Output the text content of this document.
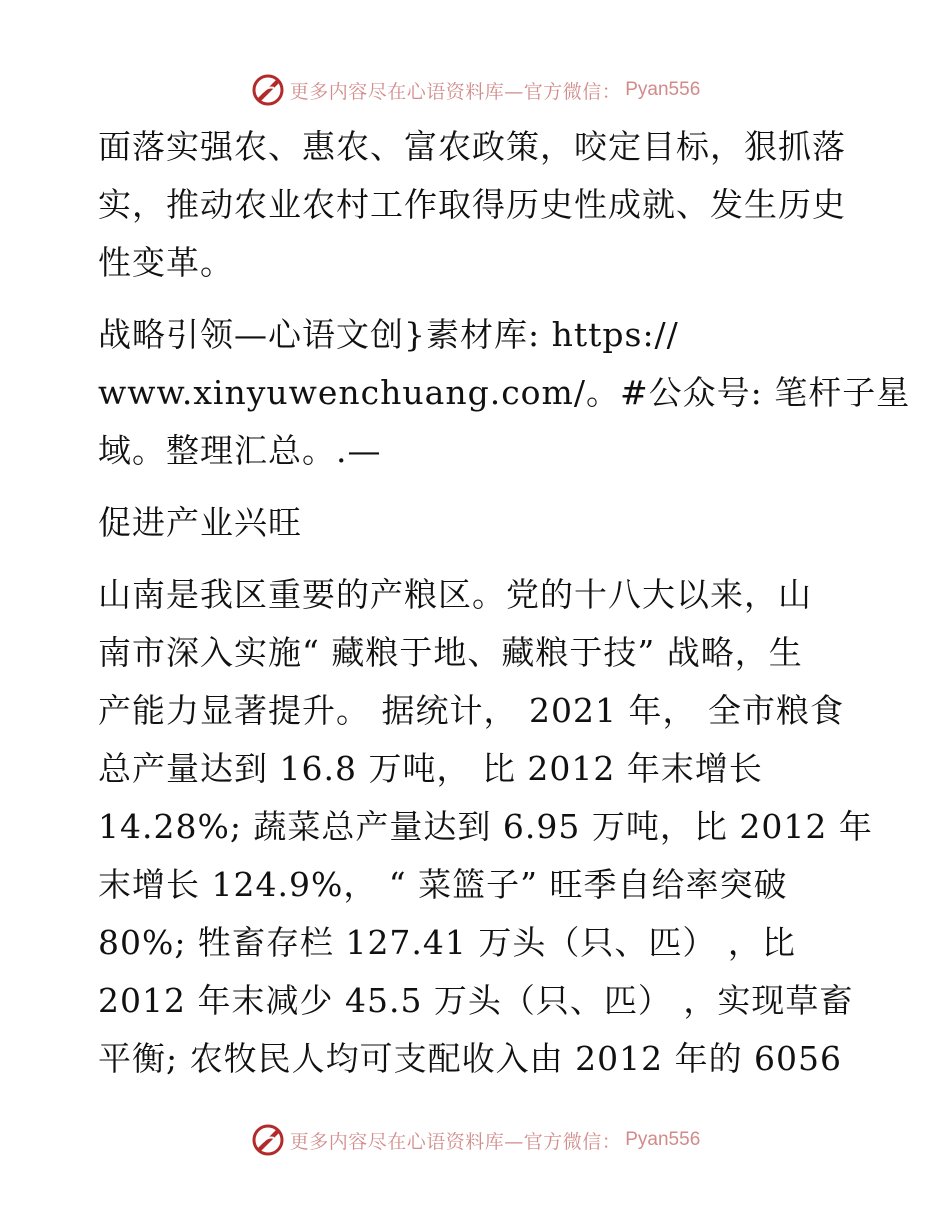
更多内容尽在心语资料库—官方微信： Pyan556
面落实强农、惠农、富农政策，咬定目标，狠抓落
实，推动农业农村工作取得历史性成就、发生历史
性变革。
战略引领—心语文创}素材库: https://
www.xinyuwenchuang.com/。#公众号: 笔杆子星
域。整理汇总。.—
促进产业兴旺
山南是我区重要的产粮区。党的十八大以来，山
南市深入实施“ 藏粮于地、藏粮于技” 战略，生
产能力显著提升。 据统计， 2021 年， 全市粮食
总产量达到 16.8 万吨， 比 2012 年末增长
14.28%; 蔬菜总产量达到 6.95 万吨，比 2012 年
末增长 124.9%， “ 菜篮子” 旺季自给率突破
80%; 牲畜存栏 127.41 万头（只、匹） ，比
2012 年末减少 45.5 万头（只、匹） ，实现草畜
平衡; 农牧民人均可支配收入由 2012 年的 6056
更多内容尽在心语资料库—官方微信： Pyan556
